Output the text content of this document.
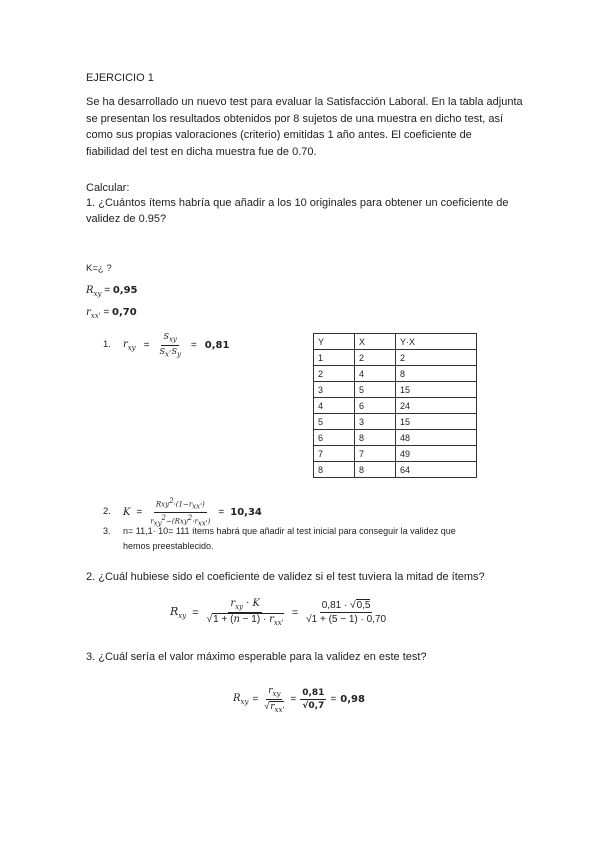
EJERCICIO 1
Se ha desarrollado un nuevo test para evaluar la Satisfacción Laboral. En la tabla adjunta
se presentan los resultados obtenidos por 8 sujetos de una muestra en dicho test, así
como sus propias valoraciones (criterio) emitidas 1 año antes. El coeficiente de
fiabilidad del test en dicha muestra fue de 0.70.
Calcular:
1. ¿Cuántos ítems habría que añadir a los 10 originales para obtener un coeficiente de
validez de 0.95?
K=¿ ?
$R_{xy} = 0,95$
$r_{xx'} = 0,70$
1. $r_{xy} = \frac{S_{xy}}{S_x\cdot S_y} = 0,81$	Y	X	Y·X
1	2	2
2	4	8
3	5	15
4	6	24
5	3	15
6	8	48
7	7	49
8	8	64
2. $K = \frac{Rxy^2\cdot(1-r_{xx'})}{r_{xy}^2-(Rxy^2\cdot r_{xx'})} = 10,34$
3. n= 11,1· 10= 111 ítems habrá que añadir al test inicial para conseguir la validez que
hemos preestablecido.
2. ¿Cuál hubiese sido el coeficiente de validez si el test tuviera la mitad de ítems?
$R_{xy} = \frac{r_{xy} \cdot K}{√1 + (n - 1) \cdot r_{xx'}} = \frac{0,81 \cdot √0,5}{√1 + (5 - 1) \cdot 0,70}$
3. ¿Cuál sería el valor máximo esperable para la validez en este test?
$R_{xy} = \frac{r_{xy}}{√r_{xx'}} = \frac{0,81}{√0,7} = 0,98$
